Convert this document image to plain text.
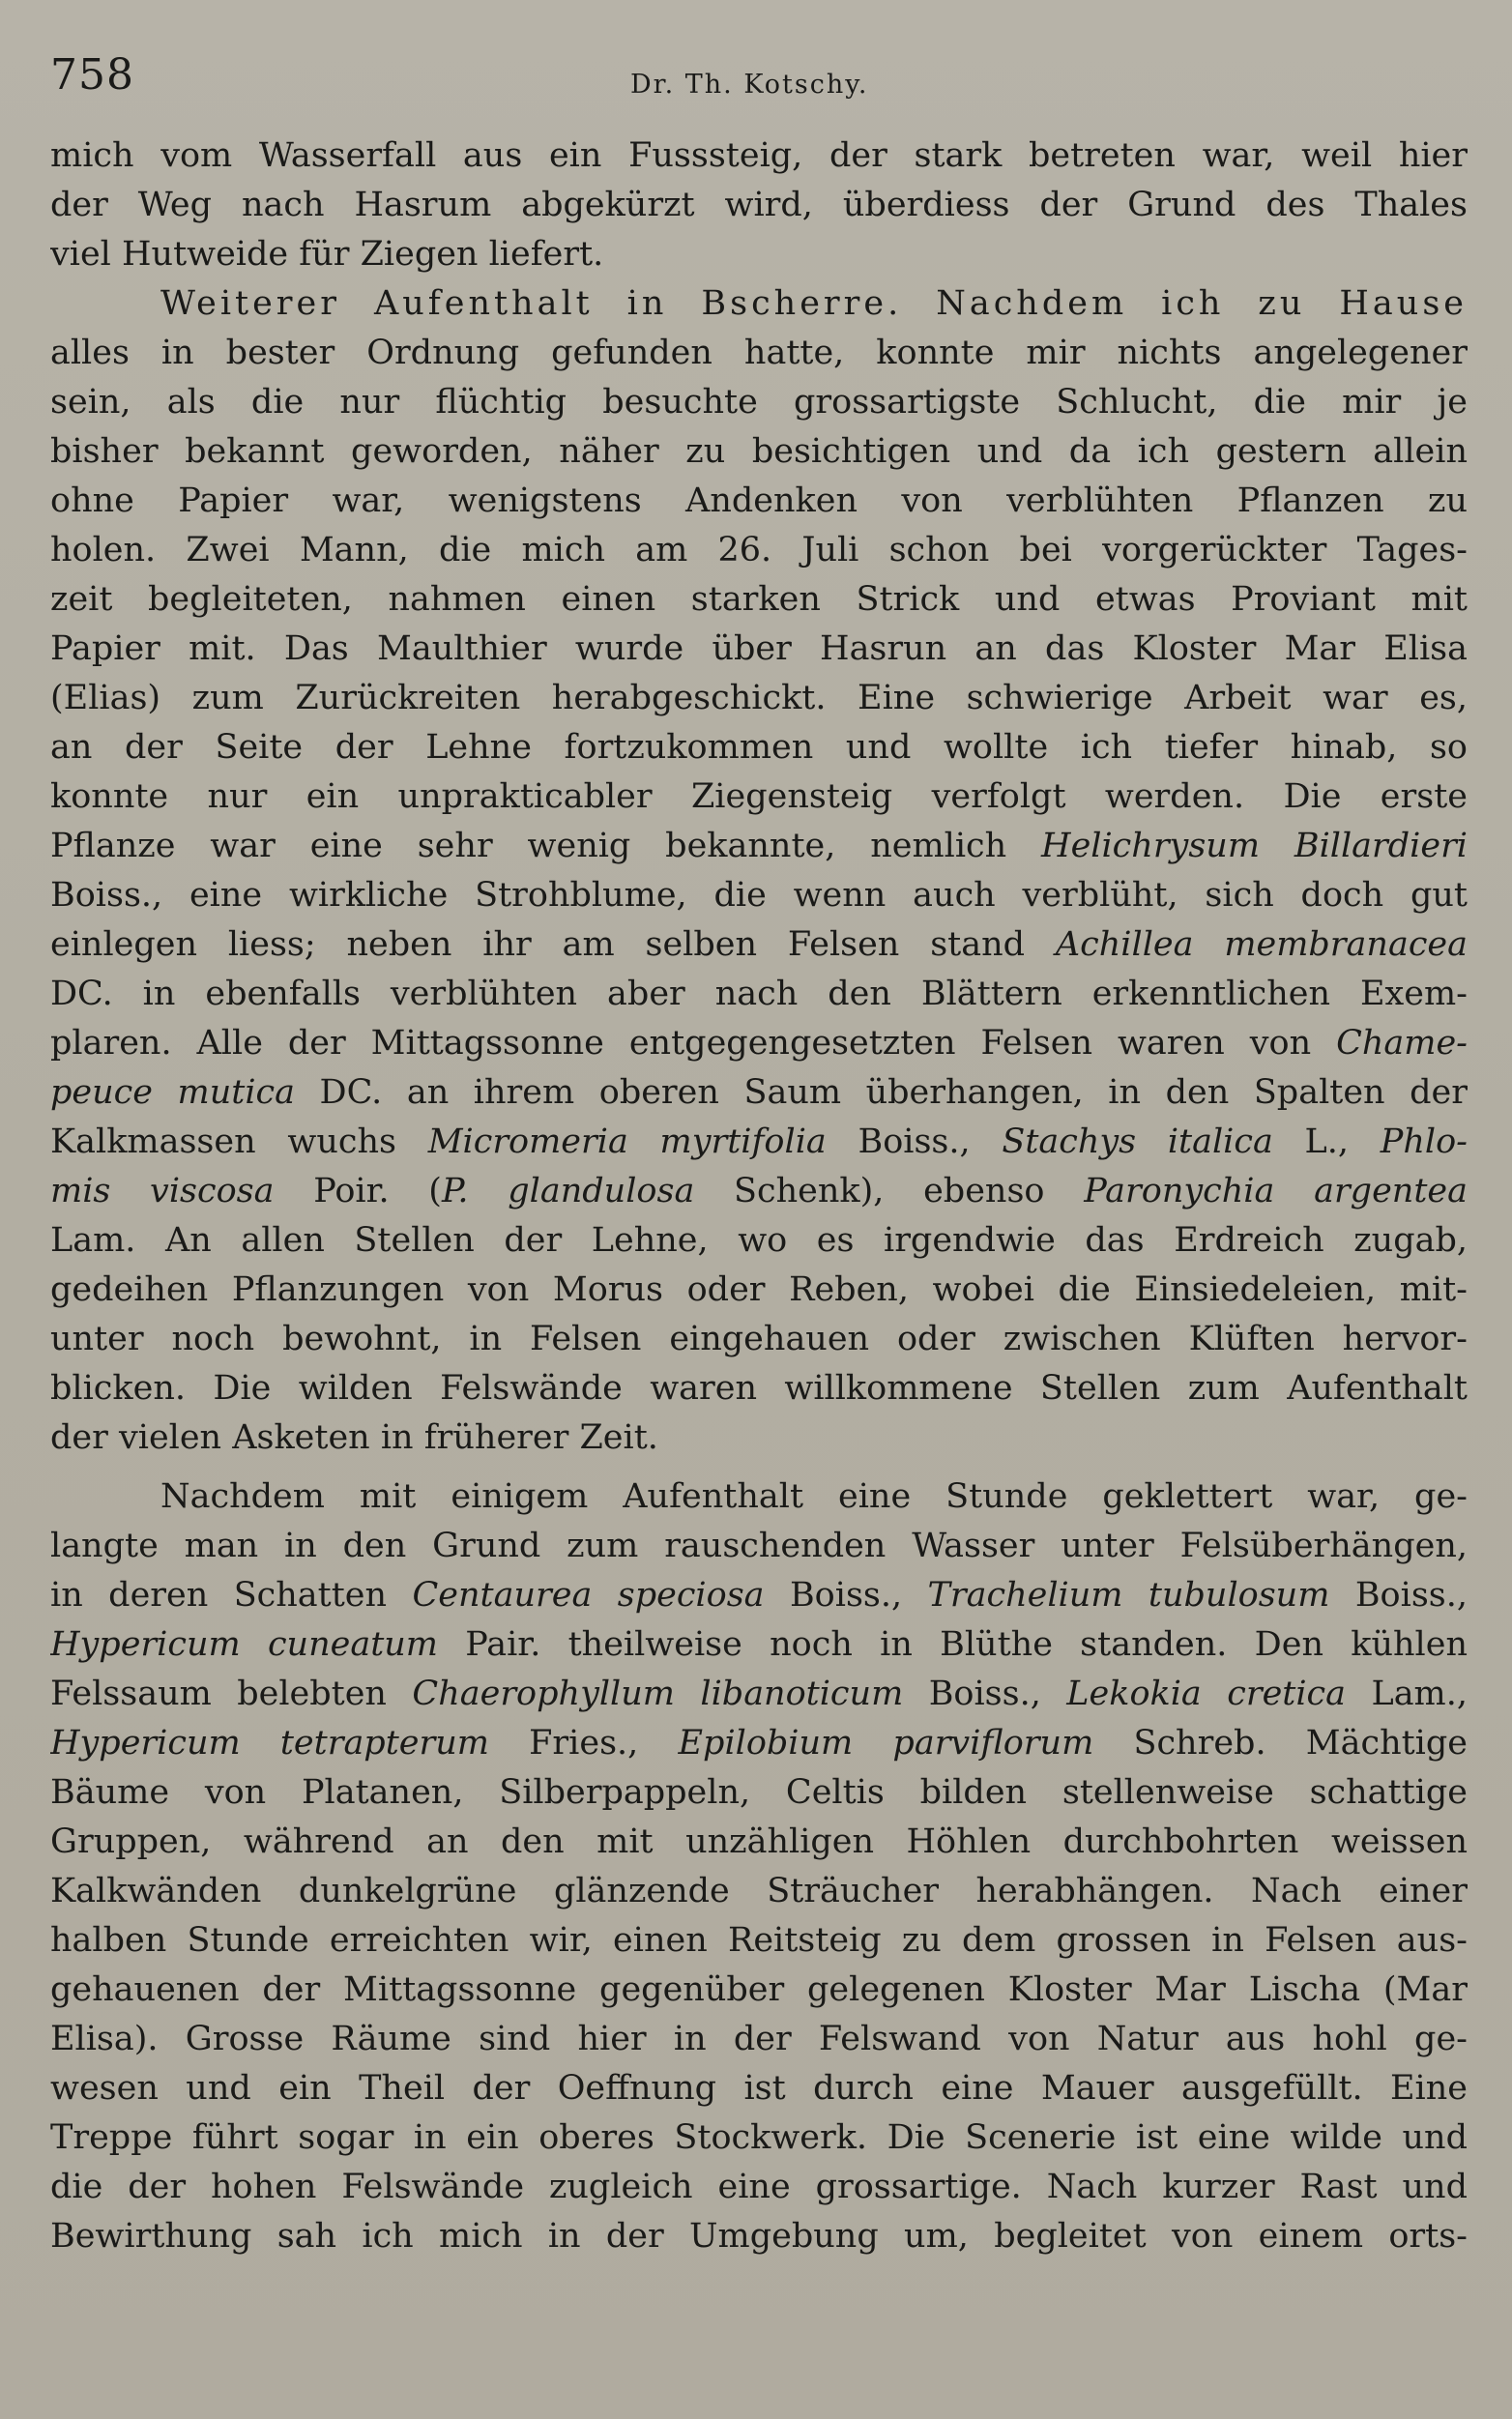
758	Dr. Th. Kotschy.
mich vom Wasserfall aus ein Fusssteig, der stark betreten war, weil hier
der Weg nach Hasrum abgekürzt wird, überdiess der Grund des Thales
viel Hutweide für Ziegen liefert.
Weiterer Aufenthalt in Bscherre. Nachdem ich zu Hause
alles in bester Ordnung gefunden hatte, konnte mir nichts angelegener
sein, als die nur flüchtig besuchte grossartigste Schlucht, die mir je
bisher bekannt geworden, näher zu besichtigen und da ich gestern allein
ohne Papier war, wenigstens Andenken von verblühten Pflanzen zu
holen. Zwei Mann, die mich am 26. Juli schon bei vorgerückter Tages-
zeit begleiteten, nahmen einen starken Strick und etwas Proviant mit
Papier mit. Das Maulthier wurde über Hasrun an das Kloster Mar Elisa
(Elias) zum Zurückreiten herabgeschickt. Eine schwierige Arbeit war es,
an der Seite der Lehne fortzukommen und wollte ich tiefer hinab, so
konnte nur ein unprakticabler Ziegensteig verfolgt werden. Die erste
Pflanze war eine sehr wenig bekannte, nemlich Helichrysum Billardieri
Boiss., eine wirkliche Strohblume, die wenn auch verblüht, sich doch gut
einlegen liess; neben ihr am selben Felsen stand Achillea membranacea
DC. in ebenfalls verblühten aber nach den Blättern erkenntlichen Exem-
plaren. Alle der Mittagssonne entgegengesetzten Felsen waren von Chame-
peuce mutica DC. an ihrem oberen Saum überhangen, in den Spalten der
Kalkmassen wuchs Micromeria myrtifolia Boiss., Stachys italica L., Phlo-
mis viscosa Poir. (P. glandulosa Schenk), ebenso Paronychia argentea
Lam. An allen Stellen der Lehne, wo es irgendwie das Erdreich zugab,
gedeihen Pflanzungen von Morus oder Reben, wobei die Einsiedeleien, mit-
unter noch bewohnt, in Felsen eingehauen oder zwischen Klüften hervor-
blicken. Die wilden Felswände waren willkommene Stellen zum Aufenthalt
der vielen Asketen in früherer Zeit.
Nachdem mit einigem Aufenthalt eine Stunde geklettert war, ge-
langte man in den Grund zum rauschenden Wasser unter Felsüberhängen,
in deren Schatten Centaurea speciosa Boiss., Trachelium tubulosum Boiss.,
Hypericum cuneatum Pair. theilweise noch in Blüthe standen. Den kühlen
Felssaum belebten Chaerophyllum libanoticum Boiss., Lekokia cretica Lam.,
Hypericum tetrapterum Fries., Epilobium parviflorum Schreb. Mächtige
Bäume von Platanen, Silberpappeln, Celtis bilden stellenweise schattige
Gruppen, während an den mit unzähligen Höhlen durchbohrten weissen
Kalkwänden dunkelgrüne glänzende Sträucher herabhängen. Nach einer
halben Stunde erreichten wir, einen Reitsteig zu dem grossen in Felsen aus-
gehauenen der Mittagssonne gegenüber gelegenen Kloster Mar Lischa (Mar
Elisa). Grosse Räume sind hier in der Felswand von Natur aus hohl ge-
wesen und ein Theil der Oeffnung ist durch eine Mauer ausgefüllt. Eine
Treppe führt sogar in ein oberes Stockwerk. Die Scenerie ist eine wilde und
die der hohen Felswände zugleich eine grossartige. Nach kurzer Rast und
Bewirthung sah ich mich in der Umgebung um, begleitet von einem orts-
